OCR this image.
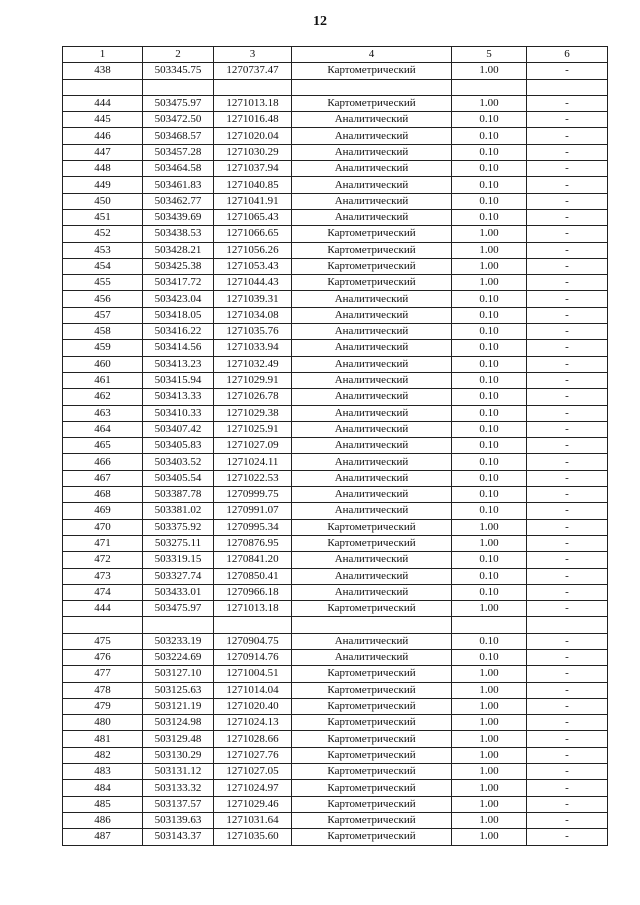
12
1	2	3	4	5	6
438	503345.75	1270737.47	Картометрический	1.00	-

444	503475.97	1271013.18	Картометрический	1.00	-
445	503472.50	1271016.48	Аналитический	0.10	-
446	503468.57	1271020.04	Аналитический	0.10	-
447	503457.28	1271030.29	Аналитический	0.10	-
448	503464.58	1271037.94	Аналитический	0.10	-
449	503461.83	1271040.85	Аналитический	0.10	-
450	503462.77	1271041.91	Аналитический	0.10	-
451	503439.69	1271065.43	Аналитический	0.10	-
452	503438.53	1271066.65	Картометрический	1.00	-
453	503428.21	1271056.26	Картометрический	1.00	-
454	503425.38	1271053.43	Картометрический	1.00	-
455	503417.72	1271044.43	Картометрический	1.00	-
456	503423.04	1271039.31	Аналитический	0.10	-
457	503418.05	1271034.08	Аналитический	0.10	-
458	503416.22	1271035.76	Аналитический	0.10	-
459	503414.56	1271033.94	Аналитический	0.10	-
460	503413.23	1271032.49	Аналитический	0.10	-
461	503415.94	1271029.91	Аналитический	0.10	-
462	503413.33	1271026.78	Аналитический	0.10	-
463	503410.33	1271029.38	Аналитический	0.10	-
464	503407.42	1271025.91	Аналитический	0.10	-
465	503405.83	1271027.09	Аналитический	0.10	-
466	503403.52	1271024.11	Аналитический	0.10	-
467	503405.54	1271022.53	Аналитический	0.10	-
468	503387.78	1270999.75	Аналитический	0.10	-
469	503381.02	1270991.07	Аналитический	0.10	-
470	503375.92	1270995.34	Картометрический	1.00	-
471	503275.11	1270876.95	Картометрический	1.00	-
472	503319.15	1270841.20	Аналитический	0.10	-
473	503327.74	1270850.41	Аналитический	0.10	-
474	503433.01	1270966.18	Аналитический	0.10	-
444	503475.97	1271013.18	Картометрический	1.00	-

475	503233.19	1270904.75	Аналитический	0.10	-
476	503224.69	1270914.76	Аналитический	0.10	-
477	503127.10	1271004.51	Картометрический	1.00	-
478	503125.63	1271014.04	Картометрический	1.00	-
479	503121.19	1271020.40	Картометрический	1.00	-
480	503124.98	1271024.13	Картометрический	1.00	-
481	503129.48	1271028.66	Картометрический	1.00	-
482	503130.29	1271027.76	Картометрический	1.00	-
483	503131.12	1271027.05	Картометрический	1.00	-
484	503133.32	1271024.97	Картометрический	1.00	-
485	503137.57	1271029.46	Картометрический	1.00	-
486	503139.63	1271031.64	Картометрический	1.00	-
487	503143.37	1271035.60	Картометрический	1.00	-
